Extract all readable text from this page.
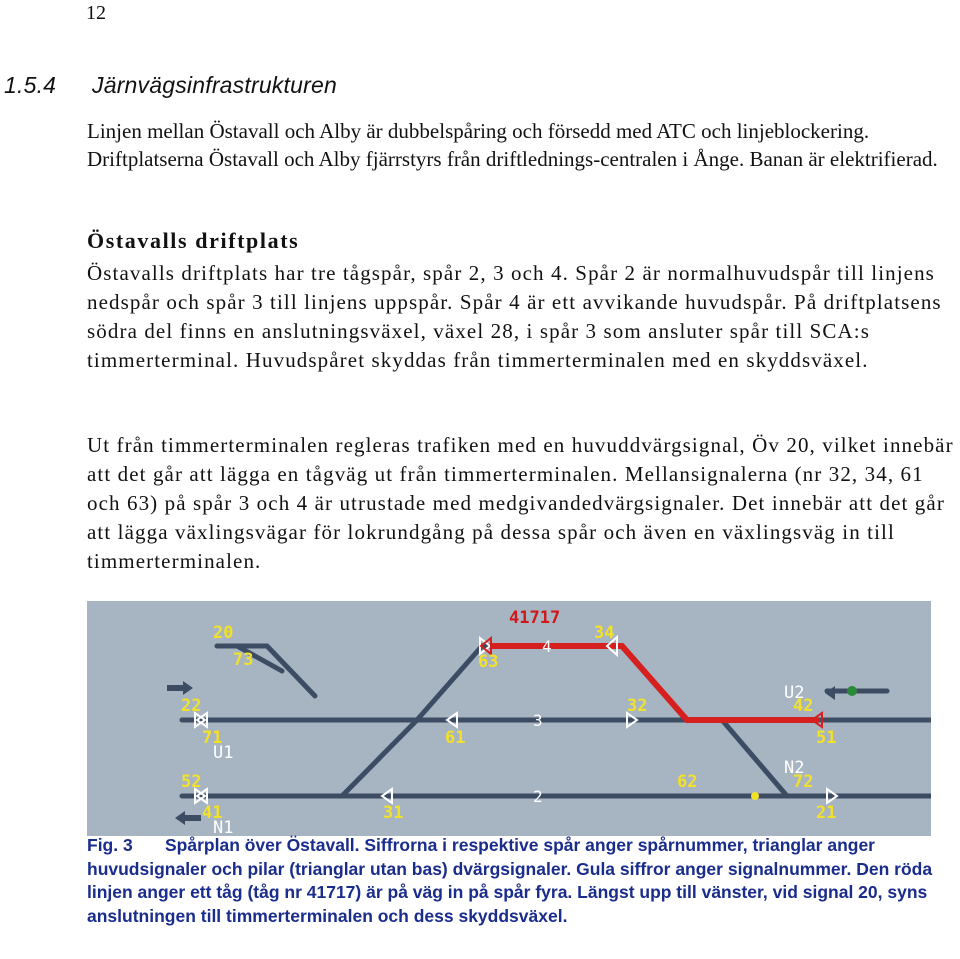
12
1.5.4 Järnvägsinfrastrukturen

Linjen mellan Östavall och Alby är dubbelspåring och försedd med ATC och linjeblockering. Driftplatserna Östavall och Alby fjärrstyrs från driftlednings-centralen i Ånge. Banan är elektrifierad.

Östavalls driftplats

Östavalls driftplats har tre tågspår, spår 2, 3 och 4. Spår 2 är normalhuvudspår till linjens nedspår och spår 3 till linjens uppspår. Spår 4 är ett avvikande huvudspår. På driftplatsens södra del finns en anslutningsväxel, växel 28, i spår 3 som ansluter spår till SCA:s timmerterminal. Huvudspåret skyddas från timmerterminalen med en skyddsväxel.

Ut från timmerterminalen regleras trafiken med en huvuddvärgsignal, Öv 20, vilket innebär att det går att lägga en tågväg ut från timmerterminalen. Mellansignalerna (nr 32, 34, 61 och 63) på spår 3 och 4 är utrustade med medgivandedvärgsignaler. Det innebär att det går att lägga växlingsvägar för lokrundgång på dessa spår och även en växlingsväg in till timmerterminalen.

41717
4
3
2
20
73
22
71
52
41
63
34
61
32
31
62
42
51
72
21
U1
N1
U2
N2

Fig. 3 Spårplan över Östavall. Siffrorna i respektive spår anger spårnummer, trianglar anger huvudsignaler och pilar (trianglar utan bas) dvärgsignaler. Gula siffror anger signalnummer. Den röda linjen anger ett tåg (tåg nr 41717) är på väg in på spår fyra. Längst upp till vänster, vid signal 20, syns anslutningen till timmerterminalen och dess skyddsväxel.
